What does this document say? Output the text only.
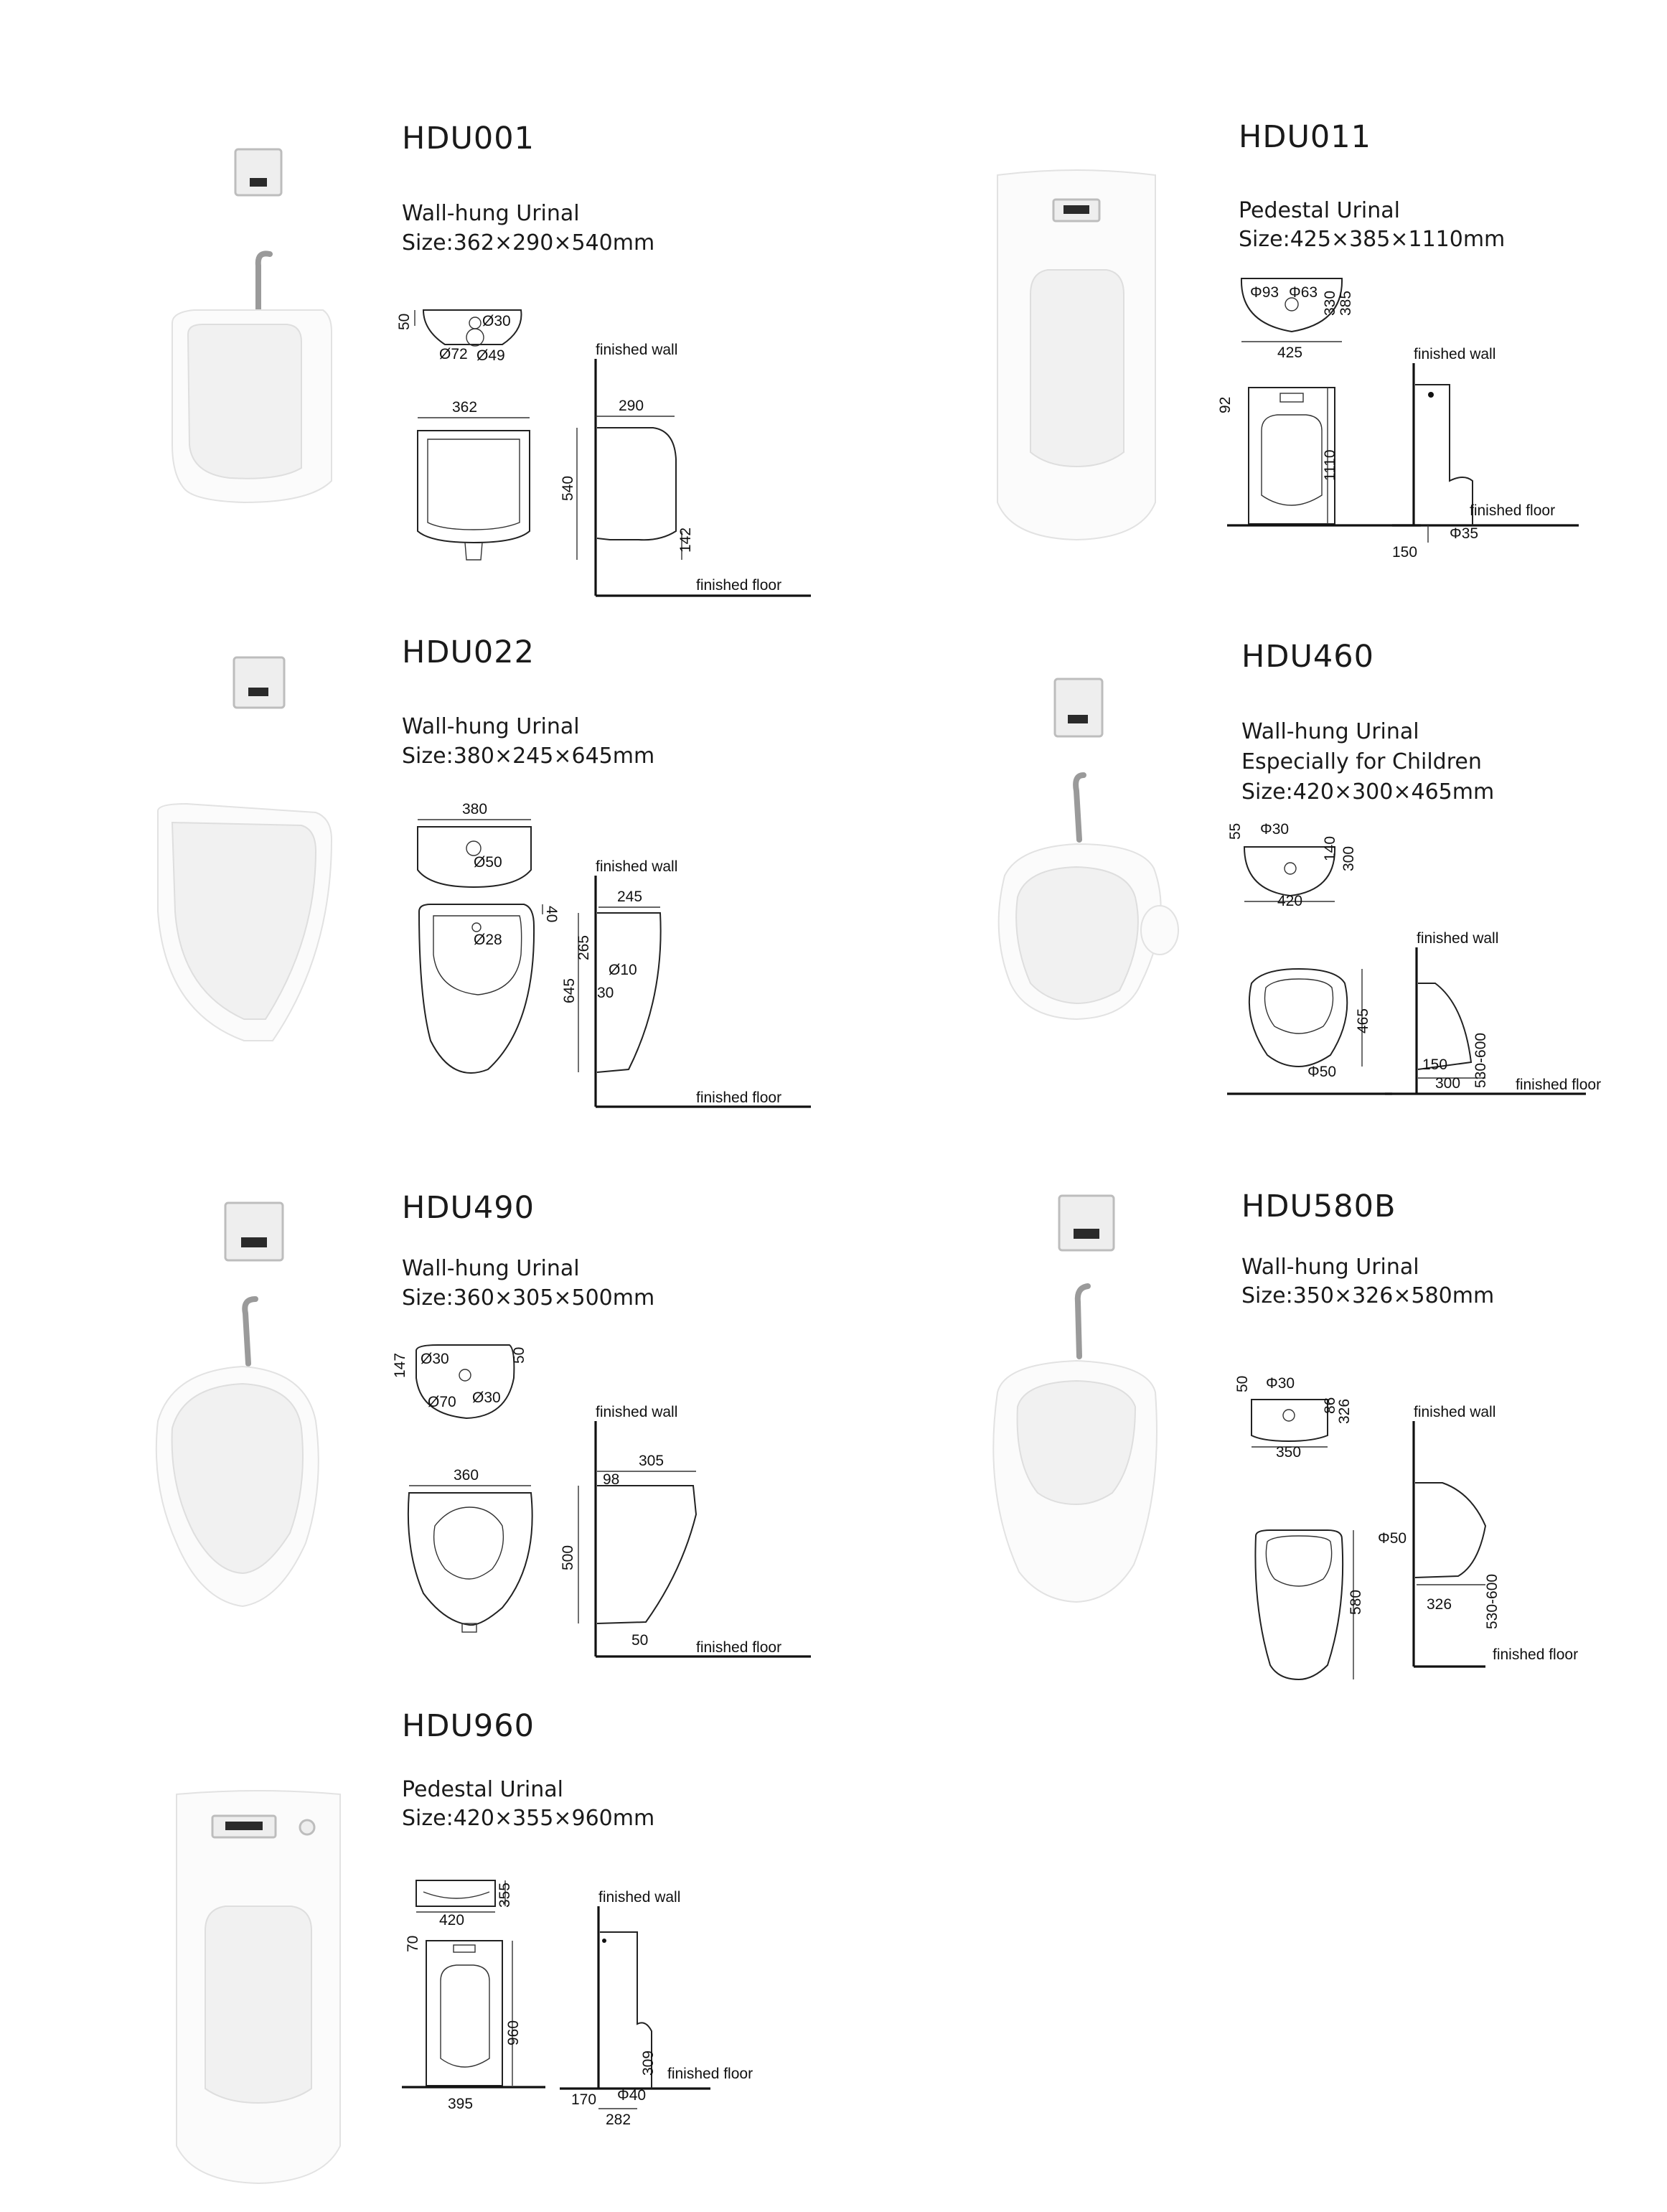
HDU001
Wall-hung Urinal
Size:362×290×540mm
50	Ø30
Ø72 Ø49
362
finished wall
finished floor
290
540
142
HDU011
Pedestal Urinal
Size:425×385×1110mm
Φ93 Φ63 330 385
425
92
1110
finished wall
finished floor
Φ35
150
HDU022
Wall-hung Urinal
Size:380×245×645mm
380
Ø50
Ø28
40
finished wall
finished floor
245
645
265
Ø10
30
HDU460
Wall-hung Urinal
Especially for Children
Size:420×300×465mm
55 Φ30
140 300
420
Φ50
465
finished wall
150
300 530-600 finished floor
HDU490
Wall-hung Urinal
Size:360×305×500mm
147 Ø30	50
Ø70 Ø30
360
finished wall
finished floor
305
98
500
50
HDU580B
Wall-hung Urinal
Size:350×326×580mm
50 Φ30
86
326
350
580
finished wall
Φ50
326 530-600
finished floor
HDU960
Pedestal Urinal
Size:420×355×960mm
355
420
70
960
395
finished wall
309 finished floor
170 Φ40
282
